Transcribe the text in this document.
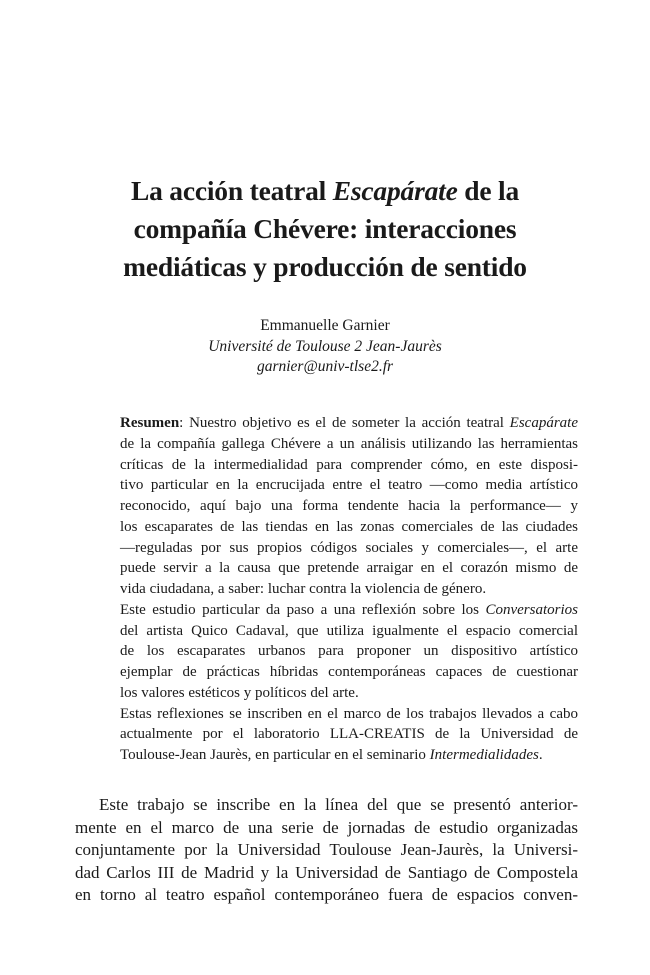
La acción teatral Escapárate de la
compañía Chévere: interacciones
mediáticas y producción de sentido
Emmanuelle Garnier
Université de Toulouse 2 Jean-Jaurès
garnier@univ-tlse2.fr
Resumen: Nuestro objetivo es el de someter la acción teatral Escapárate
de la compañía gallega Chévere a un análisis utilizando las herramientas
críticas de la intermedialidad para comprender cómo, en este disposi-
tivo particular en la encrucijada entre el teatro —como media artístico
reconocido, aquí bajo una forma tendente hacia la performance— y
los escaparates de las tiendas en las zonas comerciales de las ciudades
—reguladas por sus propios códigos sociales y comerciales—, el arte
puede servir a la causa que pretende arraigar en el corazón mismo de
vida ciudadana, a saber: luchar contra la violencia de género.
Este estudio particular da paso a una reflexión sobre los Conversatorios
del artista Quico Cadaval, que utiliza igualmente el espacio comercial
de los escaparates urbanos para proponer un dispositivo artístico
ejemplar de prácticas híbridas contemporáneas capaces de cuestionar
los valores estéticos y políticos del arte.
Estas reflexiones se inscriben en el marco de los trabajos llevados a cabo
actualmente por el laboratorio LLA-CREATIS de la Universidad de
Toulouse-Jean Jaurès, en particular en el seminario Intermedialidades.
Este trabajo se inscribe en la línea del que se presentó anterior-
mente en el marco de una serie de jornadas de estudio organizadas
conjuntamente por la Universidad Toulouse Jean-Jaurès, la Universi-
dad Carlos III de Madrid y la Universidad de Santiago de Compostela
en torno al teatro español contemporáneo fuera de espacios conven-
